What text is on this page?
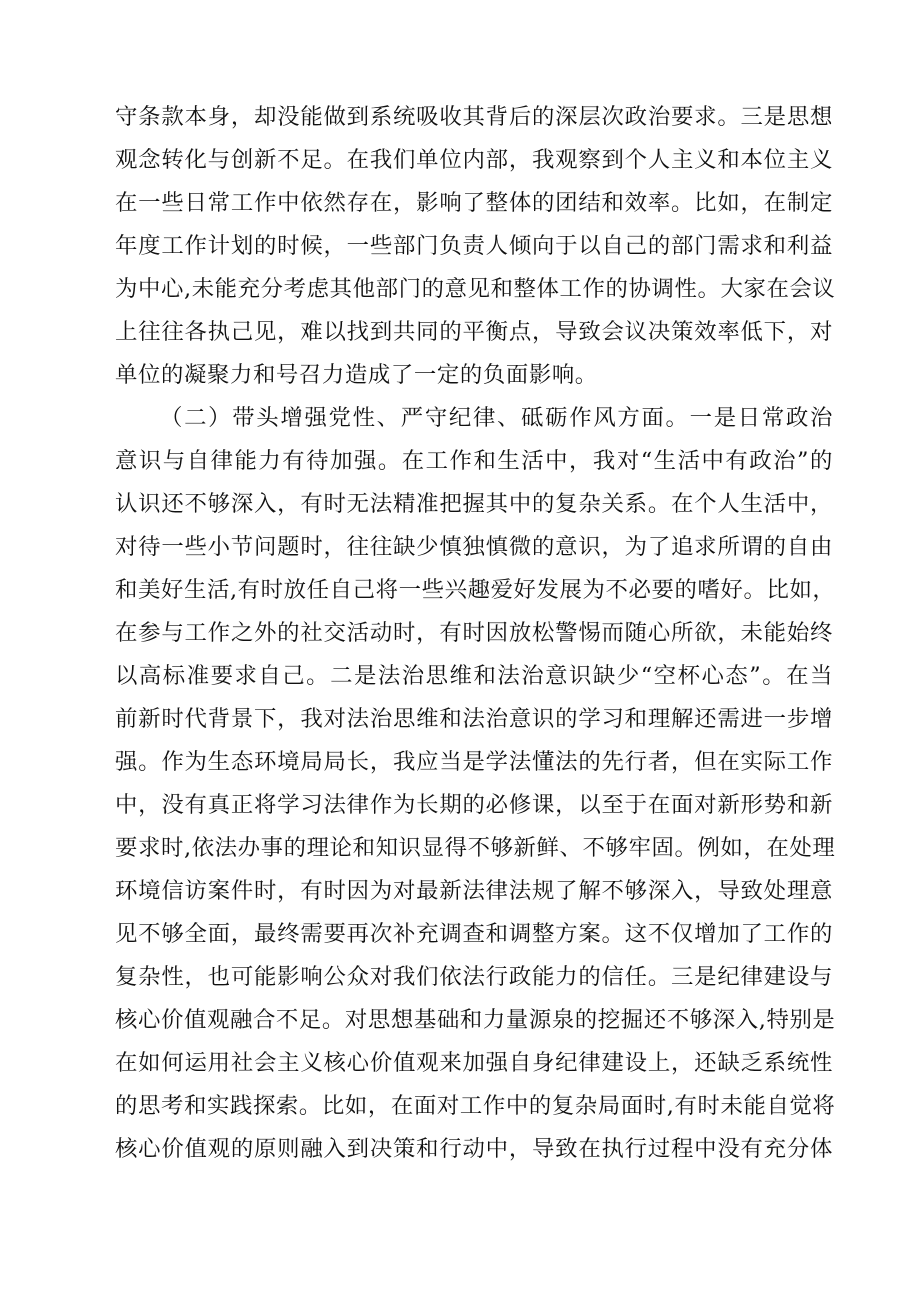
守条款本身，却没能做到系统吸收其背后的深层次政治要求。三是思想
观念转化与创新不足。在我们单位内部，我观察到个人主义和本位主义
在一些日常工作中依然存在，影响了整体的团结和效率。比如，在制定
年度工作计划的时候，一些部门负责人倾向于以自己的部门需求和利益
为中心,未能充分考虑其他部门的意见和整体工作的协调性。大家在会议
上往往各执己见，难以找到共同的平衡点，导致会议决策效率低下，对
单位的凝聚力和号召力造成了一定的负面影响。
（二）带头增强党性、严守纪律、砥砺作风方面。一是日常政治
意识与自律能力有待加强。在工作和生活中，我对“生活中有政治”的
认识还不够深入，有时无法精准把握其中的复杂关系。在个人生活中，
对待一些小节问题时，往往缺少慎独慎微的意识，为了追求所谓的自由
和美好生活,有时放任自己将一些兴趣爱好发展为不必要的嗜好。比如，
在参与工作之外的社交活动时，有时因放松警惕而随心所欲，未能始终
以高标准要求自己。二是法治思维和法治意识缺少“空杯心态”。在当
前新时代背景下，我对法治思维和法治意识的学习和理解还需进一步增
强。作为生态环境局局长，我应当是学法懂法的先行者，但在实际工作
中，没有真正将学习法律作为长期的必修课，以至于在面对新形势和新
要求时,依法办事的理论和知识显得不够新鲜、不够牢固。例如，在处理
环境信访案件时，有时因为对最新法律法规了解不够深入，导致处理意
见不够全面，最终需要再次补充调查和调整方案。这不仅增加了工作的
复杂性，也可能影响公众对我们依法行政能力的信任。三是纪律建设与
核心价值观融合不足。对思想基础和力量源泉的挖掘还不够深入,特别是
在如何运用社会主义核心价值观来加强自身纪律建设上，还缺乏系统性
的思考和实践探索。比如，在面对工作中的复杂局面时,有时未能自觉将
核心价值观的原则融入到决策和行动中，导致在执行过程中没有充分体
